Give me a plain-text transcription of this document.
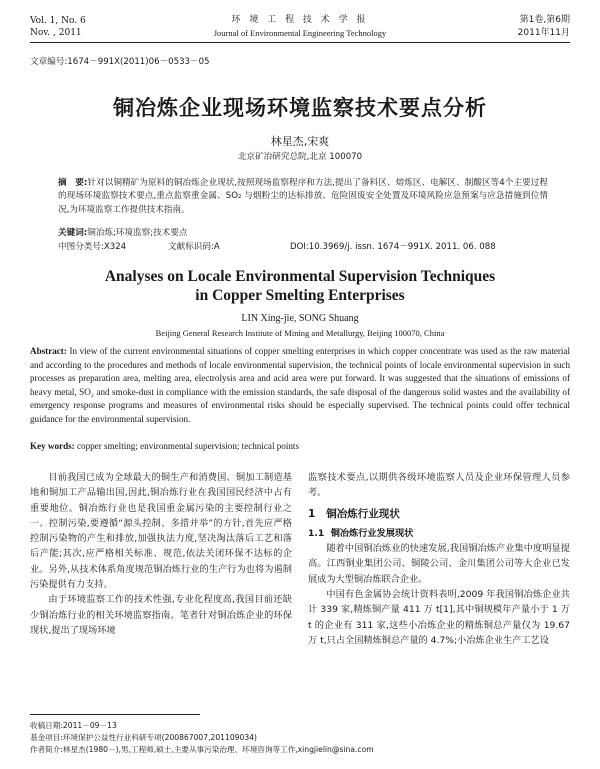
Vol. 1, No. 6
Nov. , 2011
环 境 工 程 技 术 学 报
Journal of Environmental Engineering Technology
第1卷,第6期
2011年11月
文章编号:1674－991X(2011)06－0533－05
铜冶炼企业现场环境监察技术要点分析
林星杰,宋爽
北京矿冶研究总院,北京 100070
摘　要:针对以铜精矿为原料的铜冶炼企业现状,按照现场监察程序和方法,提出了备料区、熔炼区、电解区、制酸区等4个主要过程的现场环境监察技术要点,重点监察重金属、SO₂ 与烟粉尘的达标排放、危险固废安全处置及环境风险应急预案与应急措施到位情况,为环境监察工作提供技术指南。
关键词:铜冶炼;环境监察;技术要点
中图分类号:X324	文献标识码:A	DOI:10.3969/j. issn. 1674－991X. 2011. 06. 088
Analyses on Locale Environmental Supervision Techniques
in Copper Smelting Enterprises
LIN Xing-jie, SONG Shuang
Beijing General Research Institute of Mining and Metallurgy, Beijing 100070, China
Abstract: In view of the current environmental situations of copper smelting enterprises in which copper concentrate was used as the raw material and according to the procedures and methods of locale environmental supervision, the technical points of locale environmental supervision in such processes as preparation area, melting area, electrolysis area and acid area were put forward. It was suggested that the situations of emissions of heavy metal, SO₂ and smoke-dust in compliance with the emission standards, the safe disposal of the dangerous solid wastes and the availability of emergency response programs and measures of environmental risks should be especially supervised. The technical points could offer technical guidance for the environmental supervision.
Key words: copper smelting; environmental supervision; technical points
目前我国已成为全球最大的铜生产和消费国、铜加工制造基地和铜加工产品输出国,因此,铜冶炼行业在我国国民经济中占有重要地位。铜冶炼行业也是我国重金属污染的主要控制行业之一。控制污染,要遵循“源头控制、多措并举”的方针,首先应严格控制污染物的产生和排放,加强执法力度,坚决淘汰落后工艺和落后产能;其次,应严格相关标准、规范,依法关闭环保不达标的企业。另外,从技术体系角度规范铜冶炼行业的生产行为也将为遏制污染提供有力支持。
由于环境监察工作的技术性强,专业化程度高,我国目前还缺少铜冶炼行业的相关环境监察指南。笔者针对铜冶炼企业的环保现状,提出了现场环境
监察技术要点,以期供各级环境监察人员及企业环保管理人员参考。
1 铜冶炼行业现状
1.1 铜冶炼行业发展现状
随着中国铜冶炼业的快速发展,我国铜冶炼产业集中度明显提高。江西铜业集团公司、铜陵公司、金川集团公司等大企业已发展成为大型铜冶炼联合企业。
中国有色金属协会统计资料表明,2009 年我国铜冶炼企业共计 339 家,精炼铜产量 411 万 t[1],其中铜规模年产量小于 1 万 t 的企业有 311 家,这些小冶炼企业的精炼铜总产量仅为 19.67 万 t,只占全国精炼铜总产量的 4.7%;小冶炼企业生产工艺设
收稿日期:2011－09－13
基金项目:环境保护公益性行业科研专项(200867007,201109034)
作者简介:林星杰(1980－),男,工程师,硕士,主要从事污染治理、环境咨询等工作,xingjielin@sina.com
